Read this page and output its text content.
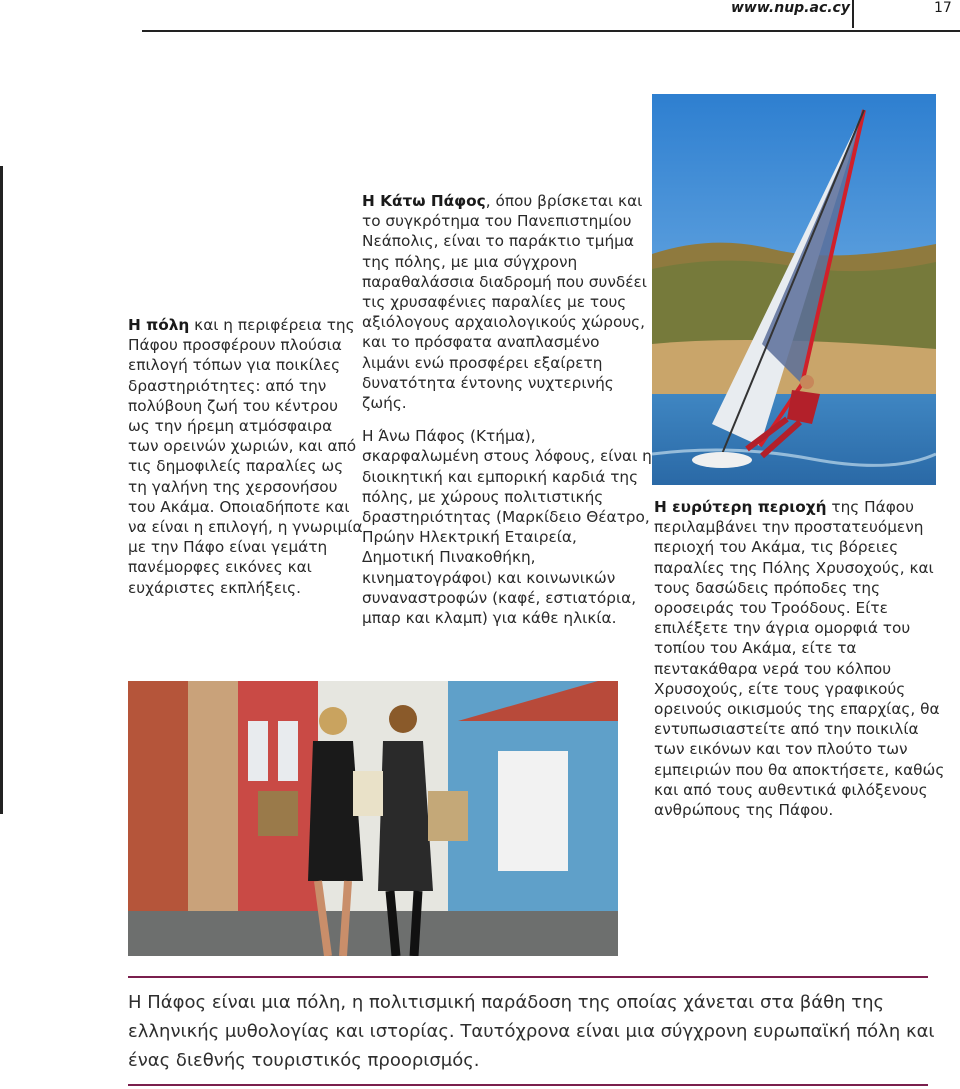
www.nup.ac.cy	17

Η πόλη και η περιφέρεια της Πάφου προσφέρουν πλούσια επιλογή τόπων για ποικίλες δραστηριότητες: από την πολύβουη ζωή του κέντρου ως την ήρεμη ατμόσφαιρα των ορεινών χωριών, και από τις δημοφιλείς παραλίες ως τη γαλήνη της χερσονήσου του Ακάμα. Οποιαδήποτε και να είναι η επιλογή, η γνωριμία με την Πάφο είναι γεμάτη πανέμορφες εικόνες και ευχάριστες εκπλήξεις.

Η Κάτω Πάφος, όπου βρίσκεται και το συγκρότημα του Πανεπιστημίου Νεάπολις, είναι το παράκτιο τμήμα της πόλης, με μια σύγχρονη παραθαλάσσια διαδρομή που συνδέει τις χρυσαφένιες παραλίες με τους αξιόλογους αρχαιολογικούς χώρους, και το πρόσφατα αναπλασμένο λιμάνι ενώ προσφέρει εξαίρετη δυνατότητα έντονης νυχτερινής ζωής.

Η Άνω Πάφος (Κτήμα), σκαρφαλωμένη στους λόφους, είναι η διοικητική και εμπορική καρδιά της πόλης, με χώρους πολιτιστικής δραστηριότητας (Μαρκίδειο Θέατρο, Πρώην Ηλεκτρική Εταιρεία, Δημοτική Πινακοθήκη, κινηματογράφοι) και κοινωνικών συναναστροφών (καφέ, εστιατόρια, μπαρ και κλαμπ) για κάθε ηλικία.

Η ευρύτερη περιοχή της Πάφου περιλαμβάνει την προστατευόμενη περιοχή του Ακάμα, τις βόρειες παραλίες της Πόλης Χρυσοχούς, και τους δασώδεις πρόποδες της οροσειράς του Τροόδους. Είτε επιλέξετε την άγρια ομορφιά του τοπίου του Ακάμα, είτε τα πεντακάθαρα νερά του κόλπου Χρυσοχούς, είτε τους γραφικούς ορεινούς οικισμούς της επαρχίας, θα εντυπωσιαστείτε από την ποικιλία των εικόνων και τον πλούτο των εμπειριών που θα αποκτήσετε, καθώς και από τους αυθεντικά φιλόξενους ανθρώπους της Πάφου.

Η Πάφος είναι μια πόλη, η πολιτισμική παράδοση της οποίας χάνεται στα βάθη της ελληνικής μυθολογίας και ιστορίας. Ταυτόχρονα είναι μια σύγχρονη ευρωπαϊκή πόλη και ένας διεθνής τουριστικός προορισμός.
